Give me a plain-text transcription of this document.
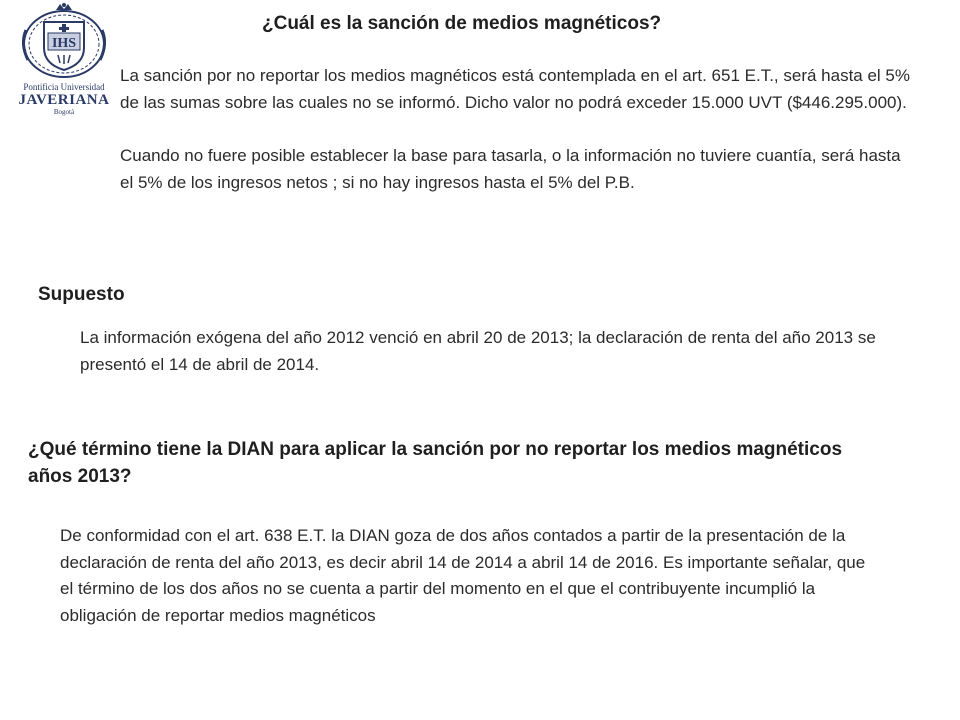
IHS
Pontificia Universidad
JAVERIANA
Bogotá
¿Cuál es la sanción de medios magnéticos?

La sanción por no reportar los medios magnéticos está contemplada en el art. 651 E.T., será hasta el 5% de las sumas sobre las cuales no se informó. Dicho valor no podrá exceder 15.000 UVT ($446.295.000).

Cuando no fuere posible establecer la base para tasarla, o la información no tuviere cuantía, será hasta el 5% de los ingresos netos ; si no hay ingresos hasta el 5% del P.B.

Supuesto
La información exógena del año 2012 venció en abril 20 de 2013; la declaración de renta del año 2013 se presentó el 14 de abril de 2014.
¿Qué término tiene la DIAN para aplicar la sanción por no reportar los medios magnéticos años 2013?
De conformidad con el art. 638 E.T. la DIAN goza de dos años contados a partir de la presentación de la declaración de renta del año 2013, es decir abril 14 de 2014 a abril 14 de 2016. Es importante señalar, que el término de los dos años no se cuenta a partir del momento en el que el contribuyente incumplió la obligación de reportar medios magnéticos
